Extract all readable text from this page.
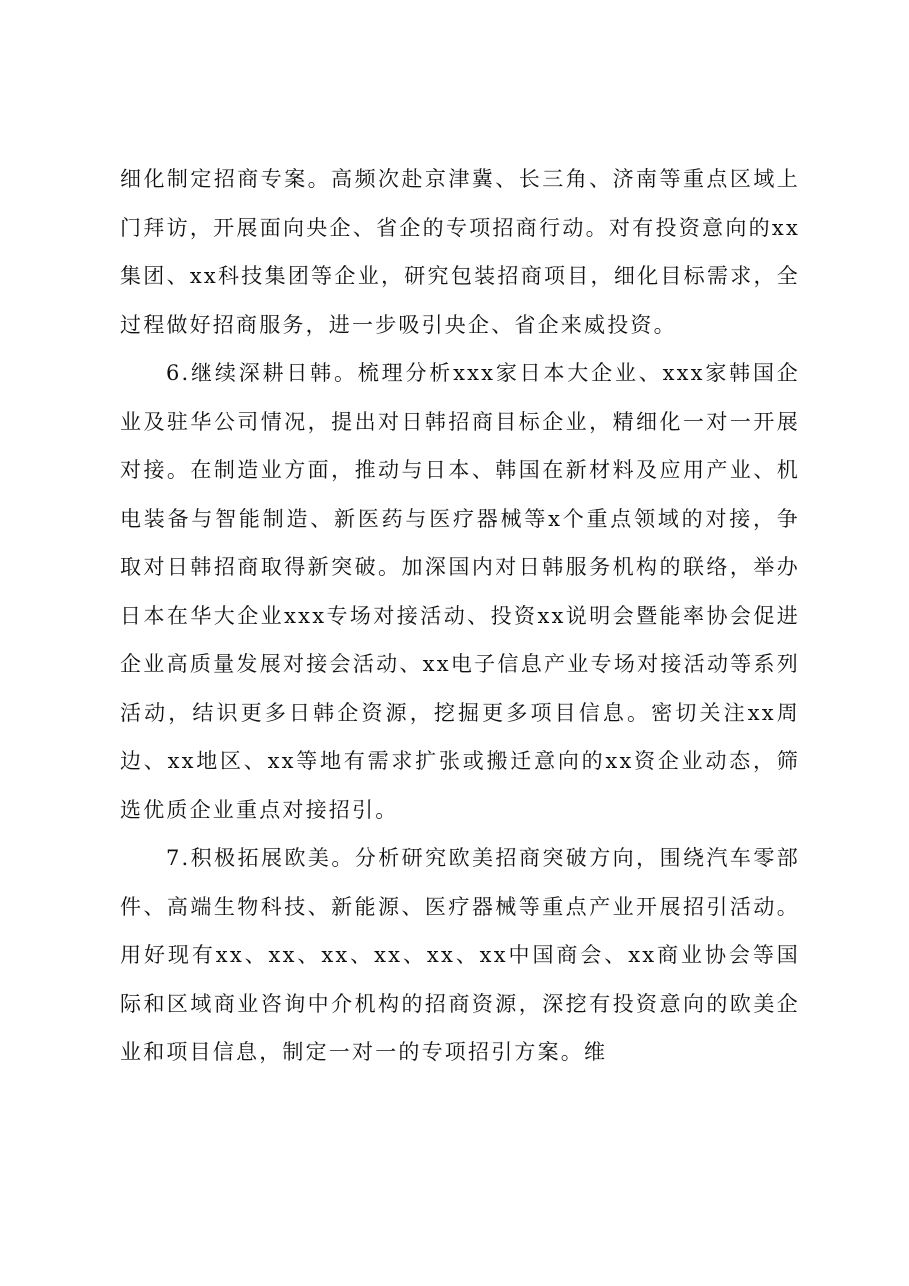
细化制定招商专案。高频次赴京津冀、长三角、济南等重点区域上门拜访，开展面向央企、省企的专项招商行动。对有投资意向的xx集团、xx科技集团等企业，研究包装招商项目，细化目标需求，全过程做好招商服务，进一步吸引央企、省企来威投资。

6.继续深耕日韩。梳理分析xxx家日本大企业、xxx家韩国企业及驻华公司情况，提出对日韩招商目标企业，精细化一对一开展对接。在制造业方面，推动与日本、韩国在新材料及应用产业、机电装备与智能制造、新医药与医疗器械等x个重点领域的对接，争取对日韩招商取得新突破。加深国内对日韩服务机构的联络，举办日本在华大企业xxx专场对接活动、投资xx说明会暨能率协会促进企业高质量发展对接会活动、xx电子信息产业专场对接活动等系列活动，结识更多日韩企资源，挖掘更多项目信息。密切关注xx周边、xx地区、xx等地有需求扩张或搬迁意向的xx资企业动态，筛选优质企业重点对接招引。

7.积极拓展欧美。分析研究欧美招商突破方向，围绕汽车零部件、高端生物科技、新能源、医疗器械等重点产业开展招引活动。用好现有xx、xx、xx、xx、xx、xx中国商会、xx商业协会等国际和区域商业咨询中介机构的招商资源，深挖有投资意向的欧美企业和项目信息，制定一对一的专项招引方案。维
